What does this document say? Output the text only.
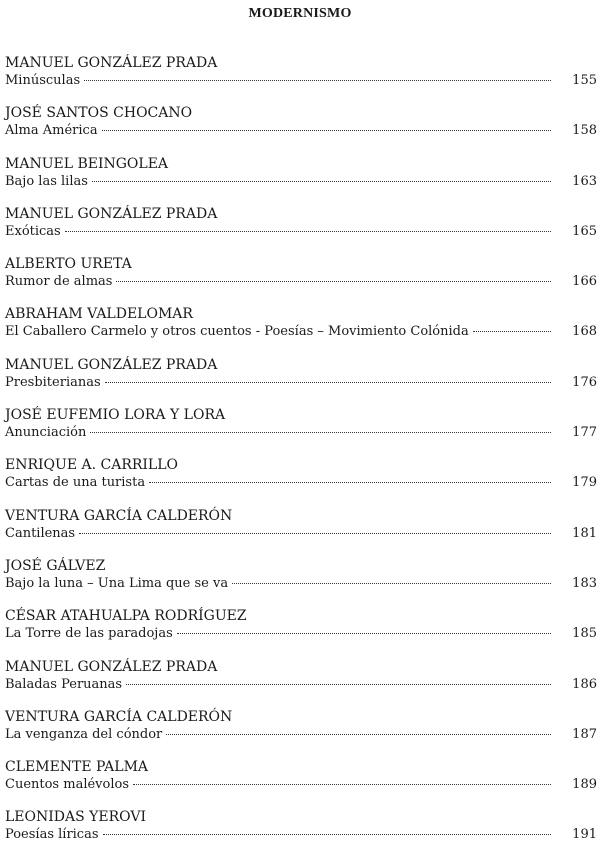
MODERNISMO
MANUEL GONZÁLEZ PRADA
Minúsculas	155
JOSÉ SANTOS CHOCANO
Alma América	158
MANUEL BEINGOLEA
Bajo las lilas	163
MANUEL GONZÁLEZ PRADA
Exóticas	165
ALBERTO URETA
Rumor de almas	166
ABRAHAM VALDELOMAR
El Caballero Carmelo y otros cuentos - Poesías – Movimiento Colónida	168
MANUEL GONZÁLEZ PRADA
Presbiterianas	176
JOSÉ EUFEMIO LORA Y LORA
Anunciación	177
ENRIQUE A. CARRILLO
Cartas de una turista	179
VENTURA GARCÍA CALDERÓN
Cantilenas	181
JOSÉ GÁLVEZ
Bajo la luna – Una Lima que se va	183
CÉSAR ATAHUALPA RODRÍGUEZ
La Torre de las paradojas	185
MANUEL GONZÁLEZ PRADA
Baladas Peruanas	186
VENTURA GARCÍA CALDERÓN
La venganza del cóndor	187
CLEMENTE PALMA
Cuentos malévolos	189
LEONIDAS YEROVI
Poesías líricas	191
